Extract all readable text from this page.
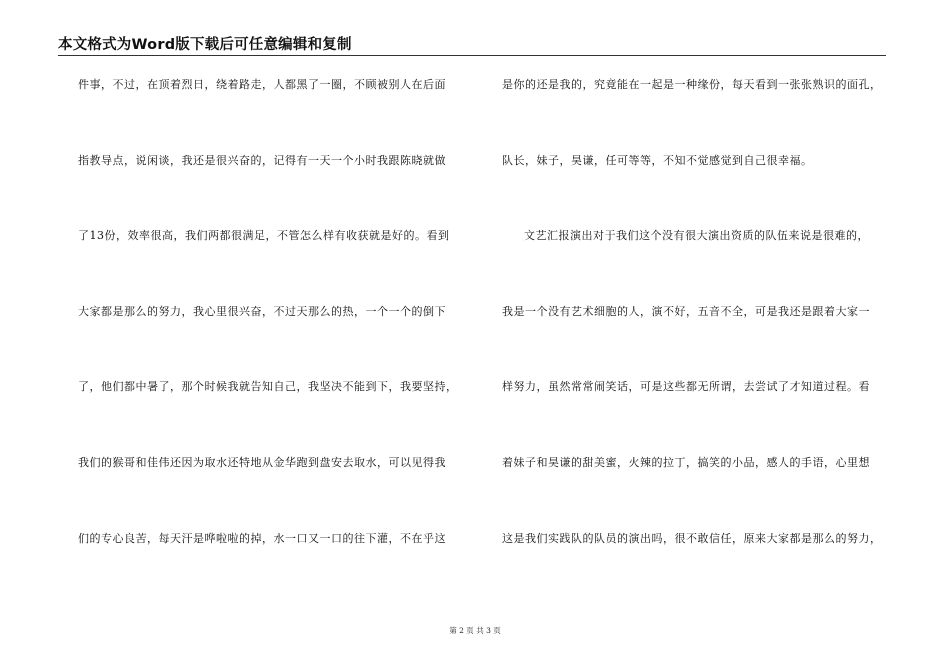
本文格式为Word版下载后可任意编辑和复制
件事，不过，在顶着烈日，绕着路走，人都黑了一圈，不顾被别人在后面
指教导点，说闲谈，我还是很兴奋的，记得有一天一个小时我跟陈晓就做
了13份，效率很高，我们两都很满足，不管怎么样有收获就是好的。看到
大家都是那么的努力，我心里很兴奋，不过天那么的热，一个一个的倒下
了，他们都中暑了，那个时候我就告知自己，我坚决不能到下，我要坚持，
我们的猴哥和佳伟还因为取水还特地从金华跑到盘安去取水，可以见得我
们的专心良苦，每天汗是哗啦啦的掉，水一口又一口的往下灌，不在乎这
是你的还是我的，究竟能在一起是一种缘份，每天看到一张张熟识的面孔，
队长，妹子，昊谦，任可等等，不知不觉感觉到自己很幸福。
文艺汇报演出对于我们这个没有很大演出资质的队伍来说是很难的，
我是一个没有艺术细胞的人，演不好，五音不全，可是我还是跟着大家一
样努力，虽然常常闹笑话，可是这些都无所谓，去尝试了才知道过程。看
着妹子和昊谦的甜美蜜，火辣的拉丁，搞笑的小品，感人的手语，心里想
这是我们实践队的队员的演出吗，很不敢信任，原来大家都是那么的努力，
第 2 页 共 3 页
